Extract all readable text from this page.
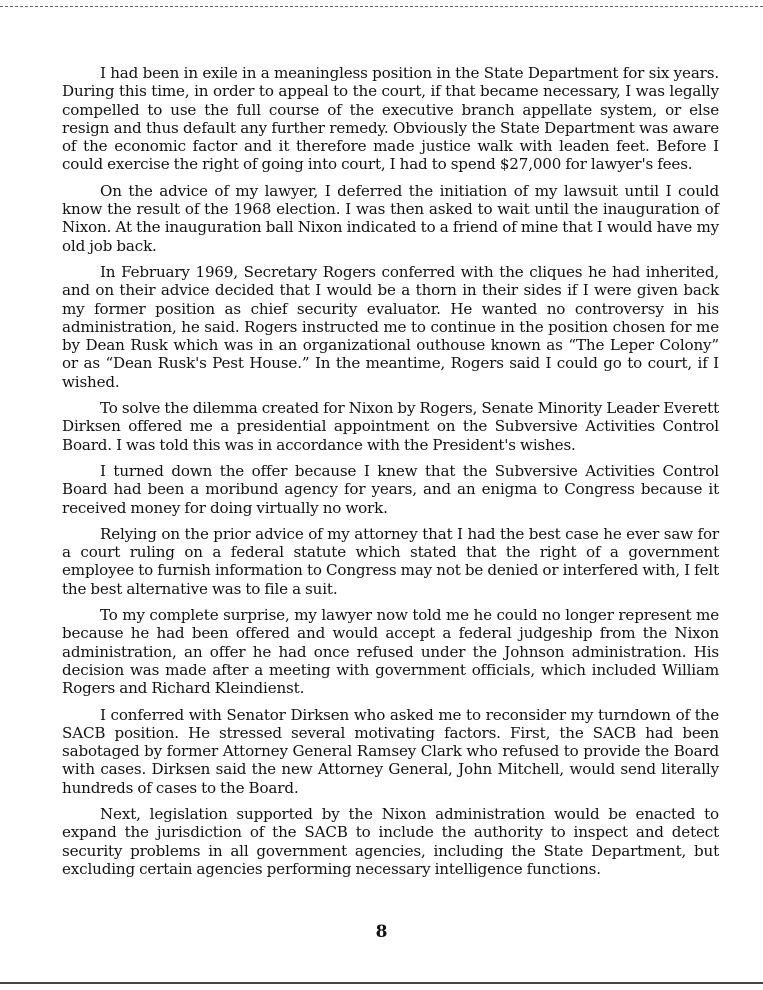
I had been in exile in a meaningless position in the State Department for six years. During this time, in order to appeal to the court, if that became necessary, I was legally compelled to use the full course of the executive branch appellate system, or else resign and thus default any further remedy. Obviously the State Department was aware of the economic factor and it therefore made justice walk with leaden feet. Before I could exercise the right of going into court, I had to spend $27,000 for lawyer's fees.

On the advice of my lawyer, I deferred the initiation of my lawsuit until I could know the result of the 1968 election. I was then asked to wait until the inauguration of Nixon. At the inauguration ball Nixon indicated to a friend of mine that I would have my old job back.

In February 1969, Secretary Rogers conferred with the cliques he had inherited, and on their advice decided that I would be a thorn in their sides if I were given back my former position as chief security evaluator. He wanted no controversy in his administration, he said. Rogers instructed me to continue in the position chosen for me by Dean Rusk which was in an organizational outhouse known as “The Leper Colony” or as “Dean Rusk's Pest House.” In the meantime, Rogers said I could go to court, if I wished.

To solve the dilemma created for Nixon by Rogers, Senate Minority Leader Everett Dirksen offered me a presidential appointment on the Subversive Activities Control Board. I was told this was in accordance with the President's wishes.

I turned down the offer because I knew that the Subversive Activities Control Board had been a moribund agency for years, and an enigma to Congress because it received money for doing virtually no work.

Relying on the prior advice of my attorney that I had the best case he ever saw for a court ruling on a federal statute which stated that the right of a government employee to furnish information to Congress may not be denied or interfered with, I felt the best alternative was to file a suit.

To my complete surprise, my lawyer now told me he could no longer represent me because he had been offered and would accept a federal judgeship from the Nixon administration, an offer he had once refused under the Johnson administration. His decision was made after a meeting with government officials, which included William Rogers and Richard Kleindienst.

I conferred with Senator Dirksen who asked me to reconsider my turndown of the SACB position. He stressed several motivating factors. First, the SACB had been sabotaged by former Attorney General Ramsey Clark who refused to provide the Board with cases. Dirksen said the new Attorney General, John Mitchell, would send literally hundreds of cases to the Board.

Next, legislation supported by the Nixon administration would be enacted to expand the jurisdiction of the SACB to include the authority to inspect and detect security problems in all government agencies, including the State Department, but excluding certain agencies performing necessary intelligence functions.

8
